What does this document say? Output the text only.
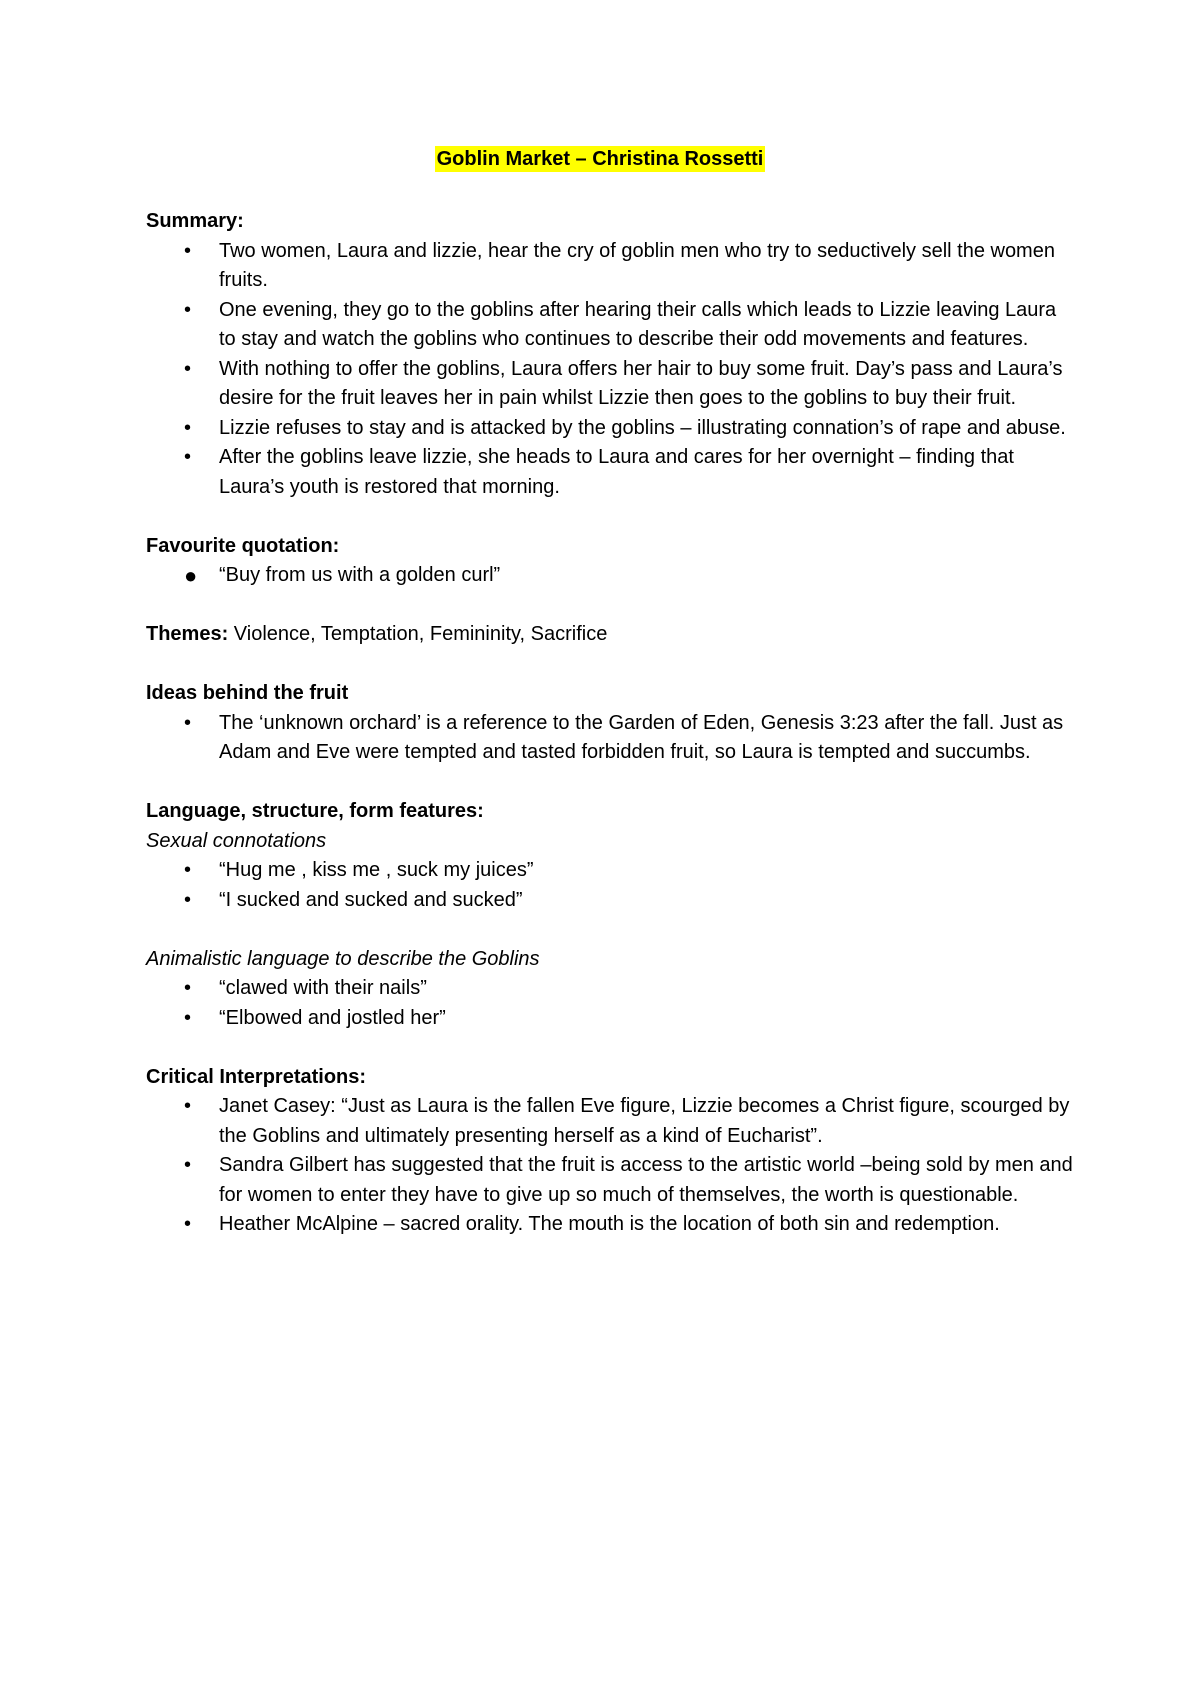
Goblin Market – Christina Rossetti

Summary:

• Two women, Laura and lizzie, hear the cry of goblin men who try to seductively sell the women fruits.
• One evening, they go to the goblins after hearing their calls which leads to Lizzie leaving Laura to stay and watch the goblins who continues to describe their odd movements and features.
• With nothing to offer the goblins, Laura offers her hair to buy some fruit. Day’s pass and Laura’s desire for the fruit leaves her in pain whilst Lizzie then goes to the goblins to buy their fruit.
• Lizzie refuses to stay and is attacked by the goblins – illustrating connation’s of rape and abuse.
• After the goblins leave lizzie, she heads to Laura and cares for her overnight – finding that Laura’s youth is restored that morning.

Favourite quotation:

● “Buy from us with a golden curl”

Themes: Violence, Temptation, Femininity, Sacrifice

Ideas behind the fruit

• The ‘unknown orchard’ is a reference to the Garden of Eden, Genesis 3:23 after the fall. Just as Adam and Eve were tempted and tasted forbidden fruit, so Laura is tempted and succumbs.

Language, structure, form features:

Sexual connotations

• “Hug me , kiss me , suck my juices”
• “I sucked and sucked and sucked”

Animalistic language to describe the Goblins

• “clawed with their nails”
• “Elbowed and jostled her”

Critical Interpretations:

• Janet Casey: “Just as Laura is the fallen Eve figure, Lizzie becomes a Christ figure, scourged by the Goblins and ultimately presenting herself as a kind of Eucharist”.
• Sandra Gilbert has suggested that the fruit is access to the artistic world –being sold by men and for women to enter they have to give up so much of themselves, the worth is questionable.
• Heather McAlpine – sacred orality. The mouth is the location of both sin and redemption.
